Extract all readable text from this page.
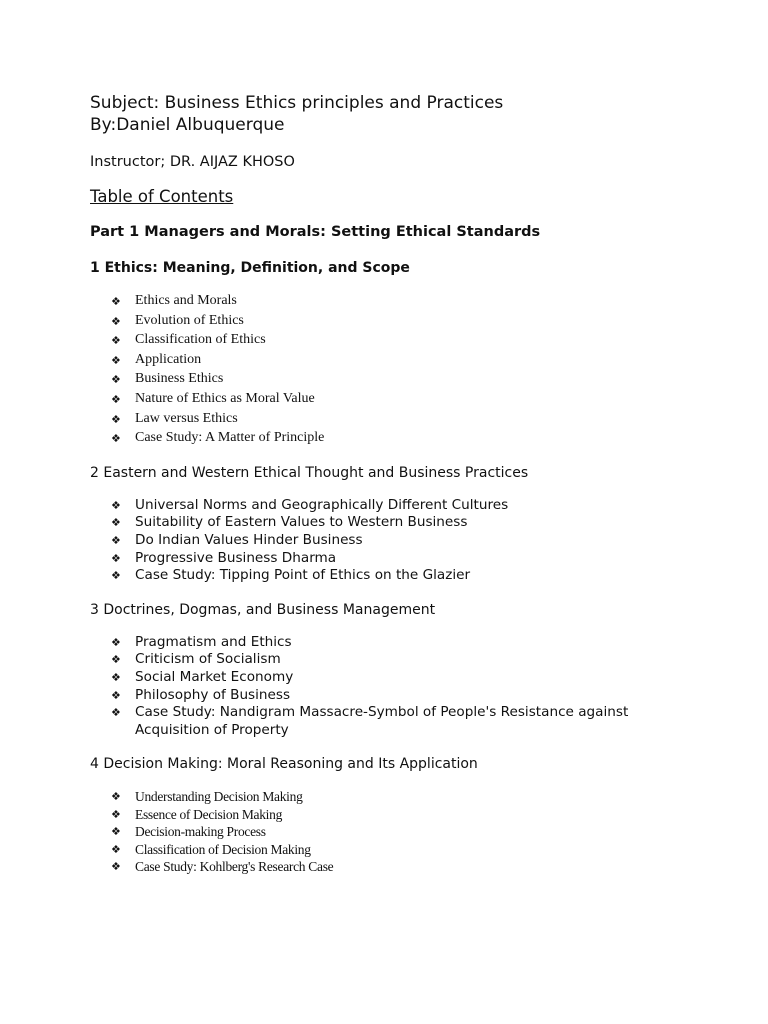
Subject: Business Ethics principles and Practices

By:Daniel Albuquerque

Instructor; DR. AIJAZ KHOSO
Table of Contents
Part 1 Managers and Morals: Setting Ethical Standards
1 Ethics: Meaning, Definition, and Scope
❖ Ethics and Morals
❖ Evolution of Ethics
❖ Classification of Ethics
❖ Application
❖ Business Ethics
❖ Nature of Ethics as Moral Value
❖ Law versus Ethics
❖ Case Study: A Matter of Principle
2 Eastern and Western Ethical Thought and Business Practices
❖ Universal Norms and Geographically Different Cultures
❖ Suitability of Eastern Values to Western Business
❖ Do Indian Values Hinder Business
❖ Progressive Business Dharma
❖ Case Study: Tipping Point of Ethics on the Glazier
3 Doctrines, Dogmas, and Business Management
❖ Pragmatism and Ethics
❖ Criticism of Socialism
❖ Social Market Economy
❖ Philosophy of Business
❖ Case Study: Nandigram Massacre-Symbol of People's Resistance against
Acquisition of Property
4 Decision Making: Moral Reasoning and Its Application
❖ Understanding Decision Making
❖ Essence of Decision Making
❖ Decision-making Process
❖ Classification of Decision Making
❖ Case Study: Kohlberg's Research Case
